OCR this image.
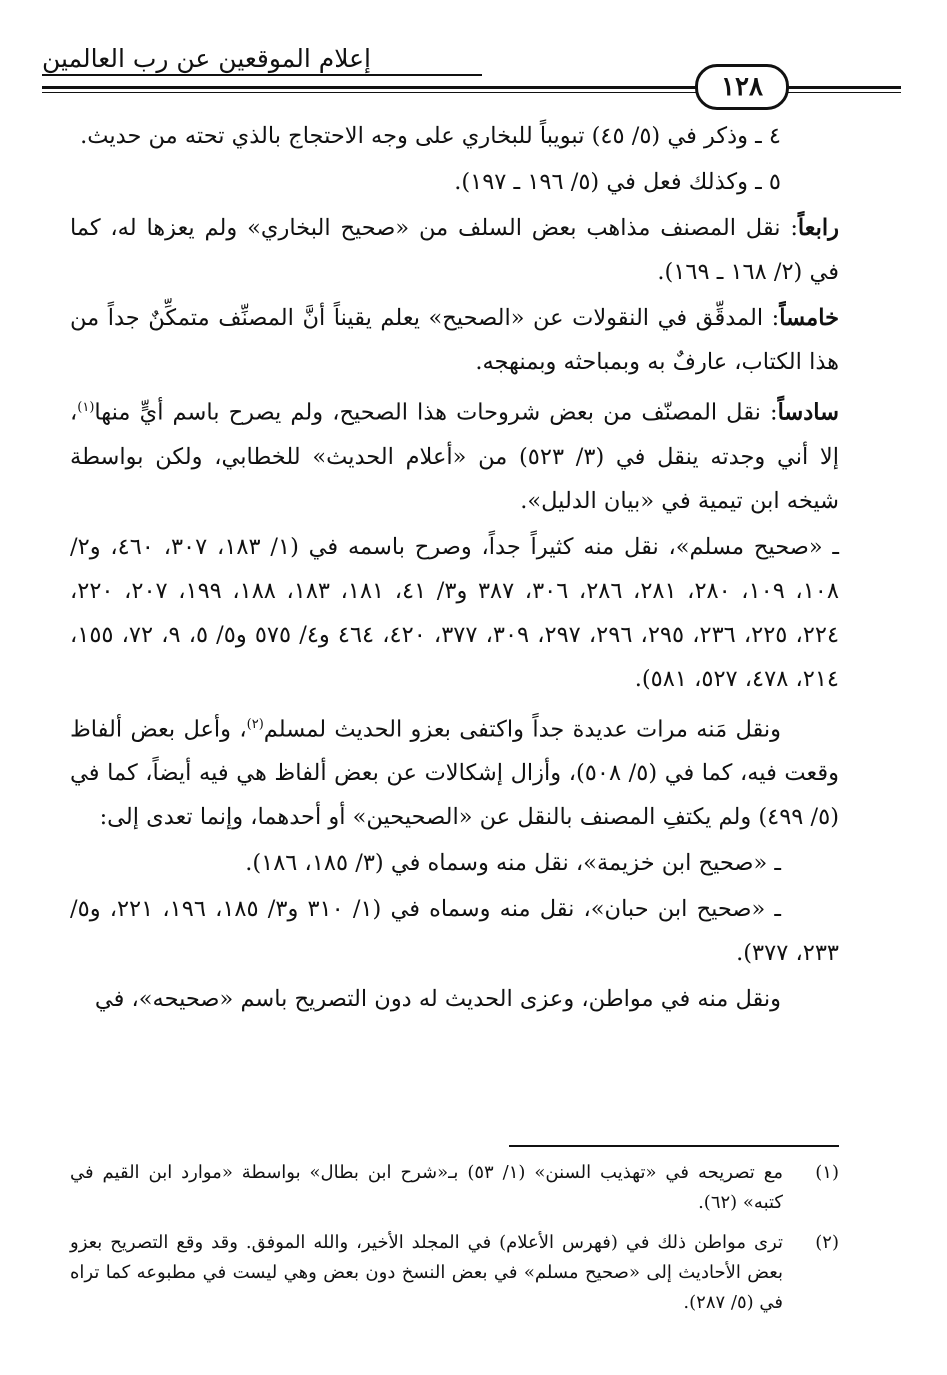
إعلام الموقعين عن رب العالمين
١٢٨

٤ ـ وذكر في (٥/ ٤٥) تبويباً للبخاري على وجه الاحتجاج بالذي تحته من حديث.

٥ ـ وكذلك فعل في (٥/ ١٩٦ ـ ١٩٧).

رابعاً: نقل المصنف مذاهب بعض السلف من «صحيح البخاري» ولم يعزها له، كما في (٢/ ١٦٨ ـ ١٦٩).

خامساً: المدقِّق في النقولات عن «الصحيح» يعلم يقيناً أنَّ المصنِّف متمكِّنٌ جداً من هذا الكتاب، عارفٌ به وبمباحثه وبمنهجه.

سادساً: نقل المصنّف من بعض شروحات هذا الصحيح، ولم يصرح باسم أيٍّ منها$^{(١)}$، إلا أني وجدته ينقل في (٣/ ٥٢٣) من «أعلام الحديث» للخطابي، ولكن بواسطة شيخه ابن تيمية في «بيان الدليل».

ـ «صحيح مسلم»، نقل منه كثيراً جداً، وصرح باسمه في (١/ ١٨٣، ٣٠٧، ٤٦٠، و٢/ ١٠٨، ١٠٩، ٢٨٠، ٢٨١، ٢٨٦، ٣٠٦، ٣٨٧ و٣/ ٤١، ١٨١، ١٨٣، ١٨٨، ١٩٩، ٢٠٧، ٢٢٠، ٢٢٤، ٢٢٥، ٢٣٦، ٢٩٥، ٢٩٦، ٢٩٧، ٣٠٩، ٣٧٧، ٤٢٠، ٤٦٤ و٤/ ٥٧٥ و٥/ ٥، ٩، ٧٢، ١٥٥، ٢١٤، ٤٧٨، ٥٢٧، ٥٨١).

ونقل مَنه مرات عديدة جداً واكتفى بعزو الحديث لمسلم$^{(٢)}$، وأعل بعض ألفاظ وقعت فيه، كما في (٥/ ٥٠٨)، وأزال إشكالات عن بعض ألفاظ هي فيه أيضاً، كما في (٥/ ٤٩٩) ولم يكتفِ المصنف بالنقل عن «الصحيحين» أو أحدهما، وإنما تعدى إلى:

ـ «صحيح ابن خزيمة»، نقل منه وسماه في (٣/ ١٨٥، ١٨٦).

ـ «صحيح ابن حبان»، نقل منه وسماه في (١/ ٣١٠ و٣/ ١٨٥، ١٩٦، ٢٢١، و٥/ ٢٣٣، ٣٧٧).

ونقل منه في مواطن، وعزى الحديث له دون التصريح باسم «صحيحه»، في

(١)
مع تصريحه في «تهذيب السنن» (١/ ٥٣) بـ«شرح ابن بطال» بواسطة «موارد ابن القيم في كتبه» (٦٢).
(٢)
ترى مواطن ذلك في (فهرس الأعلام) في المجلد الأخير، والله الموفق. وقد وقع التصريح بعزو بعض الأحاديث إلى «صحيح مسلم» في بعض النسخ دون بعض وهي ليست في مطبوعه كما تراه في (٥/ ٢٨٧).
